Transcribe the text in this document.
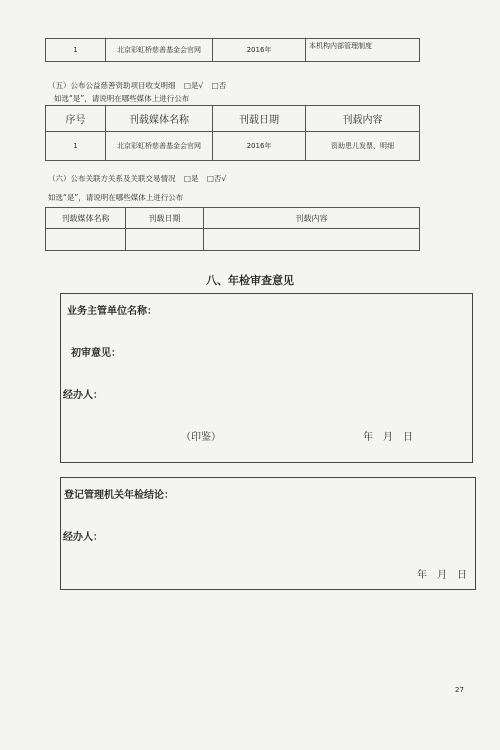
1	北京彩虹桥慈善基金会官网	2016年	本机构内部管理制度
（五）公布公益慈善资助项目收支明细 □是√ □否
如选“是”，请说明在哪些媒体上进行公布
序号	刊载媒体名称	刊载日期	刊载内容
1	北京彩虹桥慈善基金会官网	2016年	资助患儿发票、明细
（六）公布关联方关系及关联交易情况 □是 □否√
如选“是”，请说明在哪些媒体上进行公布
刊载媒体名称	刊载日期	刊载内容

八、年检审查意见
业务主管单位名称：
初审意见：
经办人：
（印鉴）	年　月　日
登记管理机关年检结论：
经办人：
年　月　日
27
